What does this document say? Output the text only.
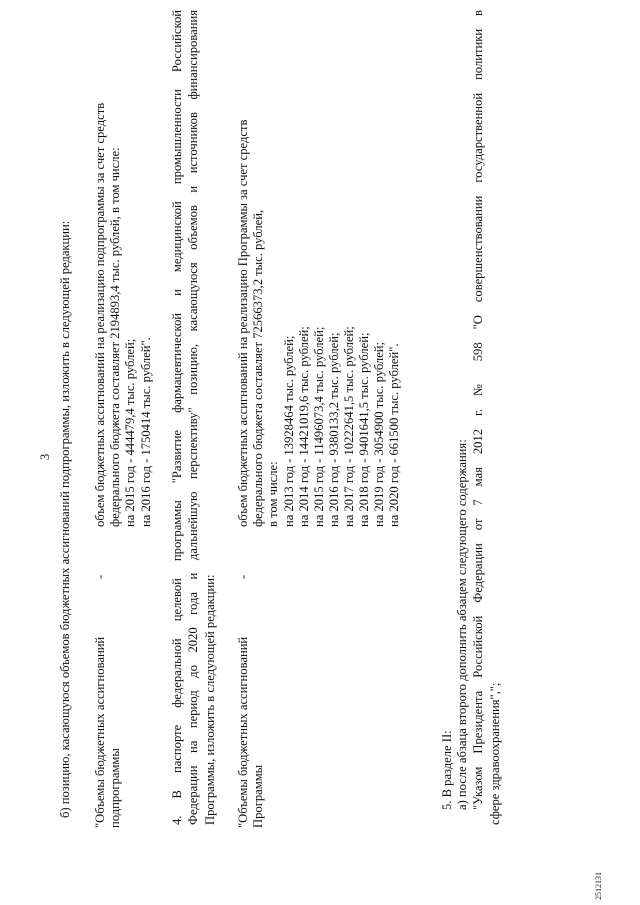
3 б) позицию, касающуюся объемов бюджетных ассигнований подпрограммы, изложить в следующей редакции: "Объемы бюджетных ассигнований подпрограммы
-
объем бюджетных ассигнований на реализацию подпрограммы за счет средств федерального бюджета составляет 2194893,4 тыс. рублей, в том числе: на 2015 год - 444479,4 тыс. рублей; на 2016 год - 1750414 тыс. рублей". 4. В паспорте федеральной целевой программы "Развитие фармацевтической и медицинской промышленности Российской Федерации на период до 2020 года и дальнейшую перспективу" позицию, касающуюся объемов и источников финансирования Программы, изложить в следующей редакции: "Объемы бюджетных ассигнований Программы
-
объем бюджетных ассигнований на реализацию Программы за счет средств федерального бюджета составляет 72566373,2 тыс. рублей, в том числе: на 2013 год - 13928464 тыс. рублей; на 2014 год - 14421019,6 тыс. рублей; на 2015 год - 11496073,4 тыс. рублей; на 2016 год - 9380133,2 тыс. рублей; на 2017 год - 10222641,5 тыс. рублей; на 2018 год - 9401641,5 тыс. рублей; на 2019 год - 3054900 тыс. рублей; на 2020 год - 661500 тыс. рублей".
5. В разделе II: а) после абзаца второго дополнить абзацем следующего содержания: "Указом Президента Российской Федерации от 7 мая 2012 г. № 598 "О совершенствовании государственной политики в сфере здравоохранения",";
2512131
